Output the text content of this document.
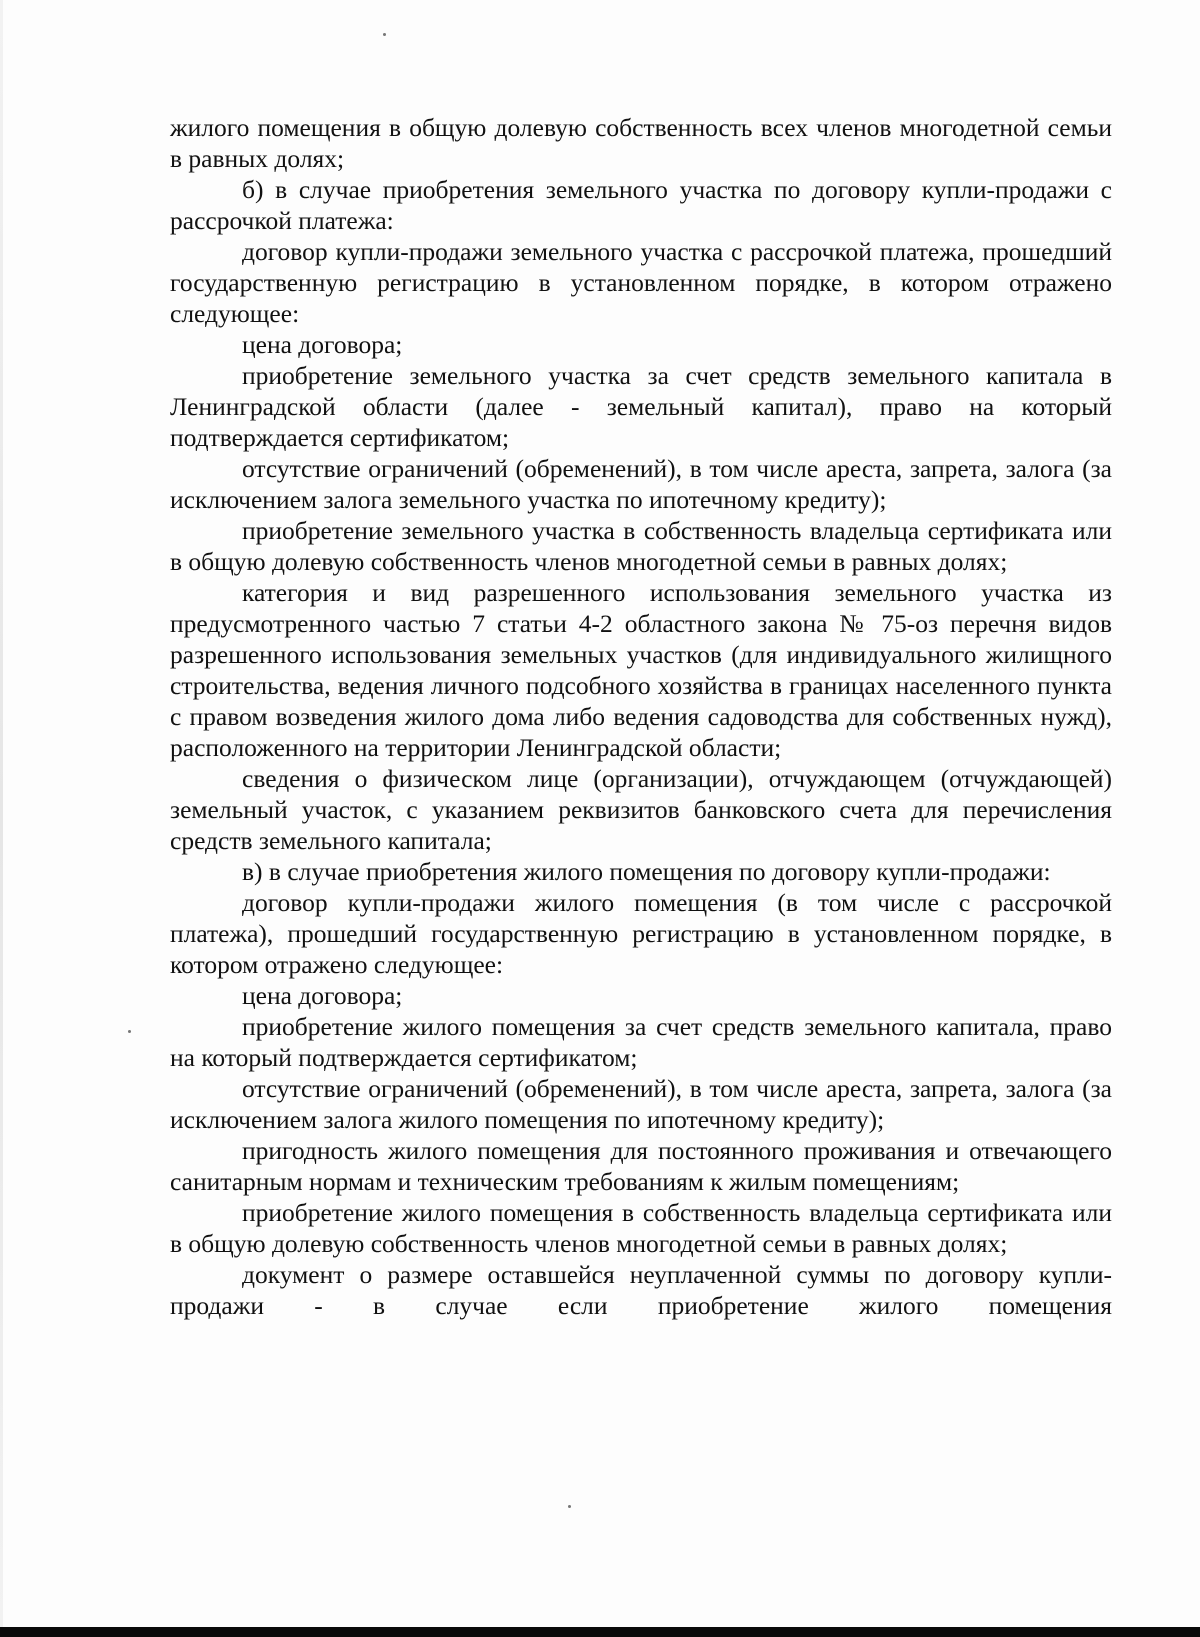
жилого помещения в общую долевую собственность всех членов многодетной семьи в равных долях;

б) в случае приобретения земельного участка по договору купли-продажи с рассрочкой платежа:

договор купли-продажи земельного участка с рассрочкой платежа, прошедший государственную регистрацию в установленном порядке, в котором отражено следующее:

цена договора;

приобретение земельного участка за счет средств земельного капитала в Ленинградской области (далее - земельный капитал), право на который подтверждается сертификатом;

отсутствие ограничений (обременений), в том числе ареста, запрета, залога (за исключением залога земельного участка по ипотечному кредиту);

приобретение земельного участка в собственность владельца сертификата или в общую долевую собственность членов многодетной семьи в равных долях;

категория и вид разрешенного использования земельного участка из предусмотренного частью 7 статьи 4-2 областного закона № 75-оз перечня видов разрешенного использования земельных участков (для индивидуального жилищного строительства, ведения личного подсобного хозяйства в границах населенного пункта с правом возведения жилого дома либо ведения садоводства для собственных нужд), расположенного на территории Ленинградской области;

сведения о физическом лице (организации), отчуждающем (отчуждающей) земельный участок, с указанием реквизитов банковского счета для перечисления средств земельного капитала;

в) в случае приобретения жилого помещения по договору купли-продажи:

договор купли-продажи жилого помещения (в том числе с рассрочкой платежа), прошедший государственную регистрацию в установленном порядке, в котором отражено следующее:

цена договора;

приобретение жилого помещения за счет средств земельного капитала, право на который подтверждается сертификатом;

отсутствие ограничений (обременений), в том числе ареста, запрета, залога (за исключением залога жилого помещения по ипотечному кредиту);

пригодность жилого помещения для постоянного проживания и отвечающего санитарным нормам и техническим требованиям к жилым помещениям;

приобретение жилого помещения в собственность владельца сертификата или в общую долевую собственность членов многодетной семьи в равных долях;

документ о размере оставшейся неуплаченной суммы по договору купли-продажи - в случае если приобретение жилого помещения
